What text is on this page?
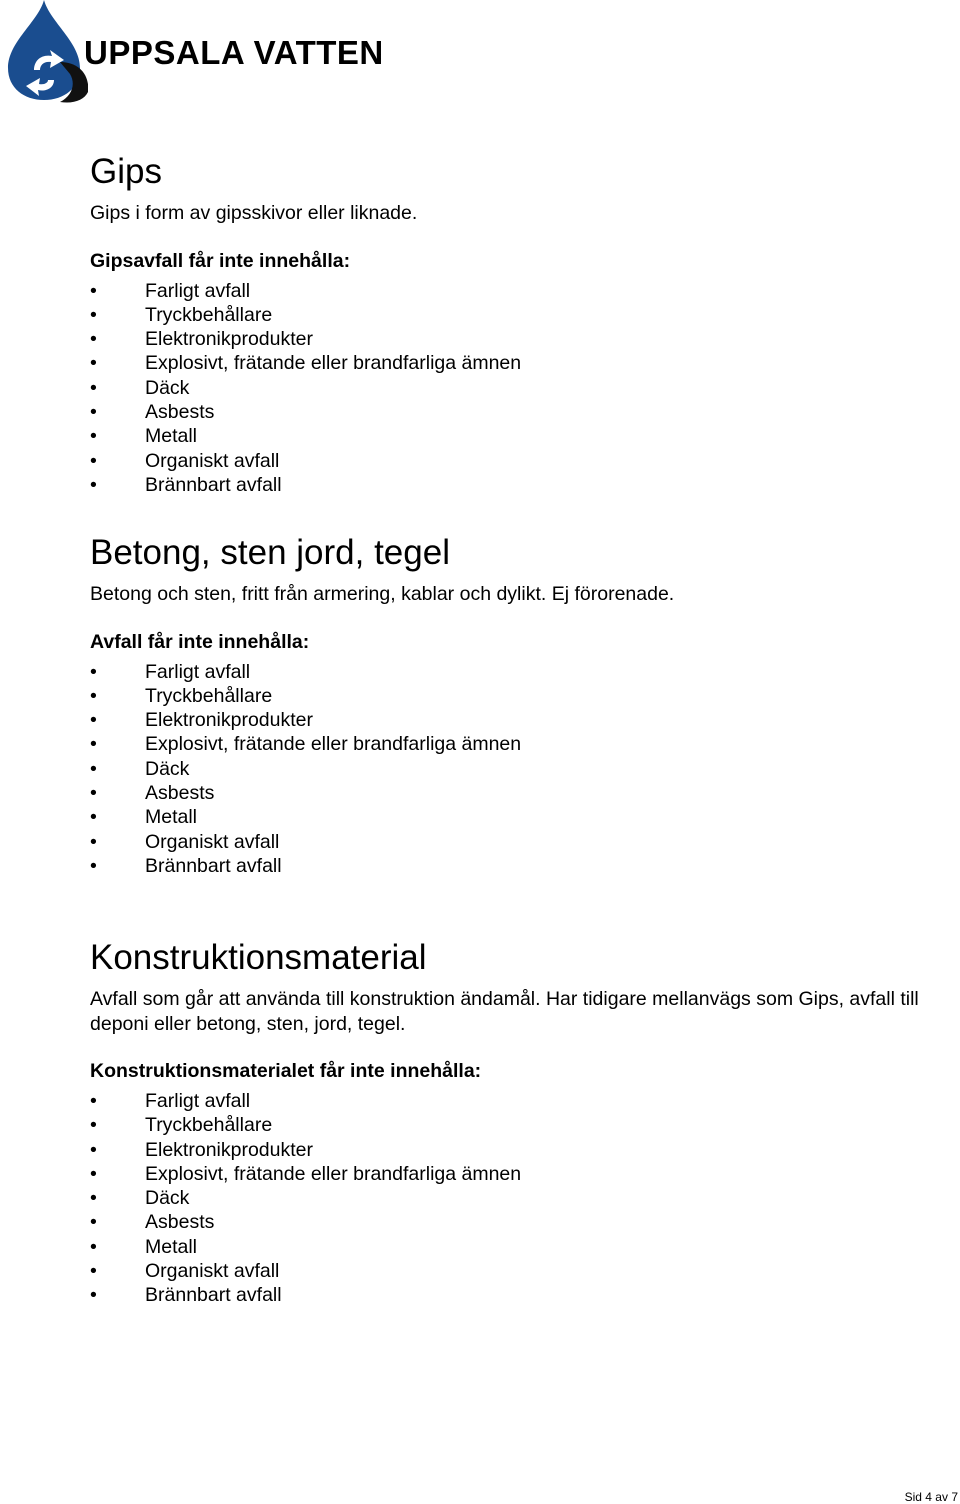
UPPSALA VATTEN
Gips

Gips i form av gipsskivor eller liknade.

Gipsavfall får inte innehålla:

• Farligt avfall
• Tryckbehållare
• Elektronikprodukter
• Explosivt, frätande eller brandfarliga ämnen
• Däck
• Asbests
• Metall
• Organiskt avfall
• Brännbart avfall
Betong, sten jord, tegel

Betong och sten, fritt från armering, kablar och dylikt. Ej förorenade.

Avfall får inte innehålla:

• Farligt avfall
• Tryckbehållare
• Elektronikprodukter
• Explosivt, frätande eller brandfarliga ämnen
• Däck
• Asbests
• Metall
• Organiskt avfall
• Brännbart avfall
Konstruktionsmaterial

Avfall som går att använda till konstruktion ändamål. Har tidigare mellanvägs som Gips, avfall till deponi eller betong, sten, jord, tegel.

Konstruktionsmaterialet får inte innehålla:

• Farligt avfall
• Tryckbehållare
• Elektronikprodukter
• Explosivt, frätande eller brandfarliga ämnen
• Däck
• Asbests
• Metall
• Organiskt avfall
• Brännbart avfall
Sid 4 av 7
